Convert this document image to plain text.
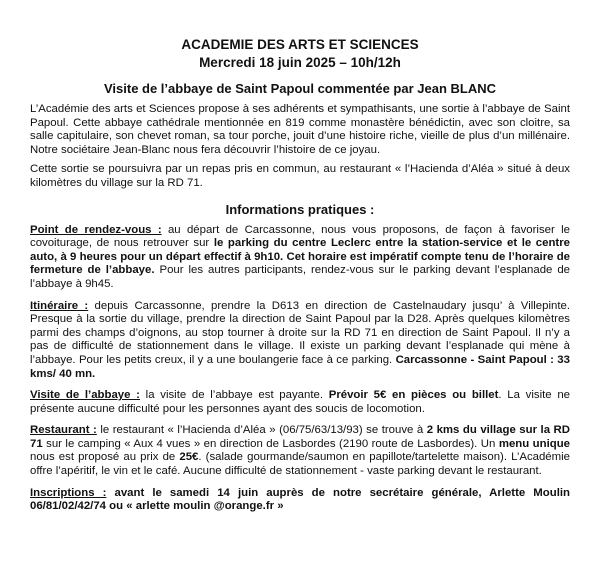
ACADEMIE DES ARTS ET SCIENCES
Mercredi 18 juin 2025 – 10h/12h
Visite de l’abbaye de Saint Papoul commentée par Jean BLANC

L’Académie des arts et Sciences propose à ses adhérents et sympathisants, une sortie à l’abbaye de Saint Papoul. Cette abbaye cathédrale mentionnée en 819 comme monastère bénédictin, avec son cloitre, sa salle capitulaire, son chevet roman, sa tour porche, jouit d’une histoire riche, vieille de plus d’un millénaire. Notre sociétaire Jean-Blanc nous fera découvrir l’histoire de ce joyau.

Cette sortie se poursuivra par un repas pris en commun, au restaurant « l’Hacienda d’Aléa » situé à deux kilomètres du village sur la RD 71.

Informations pratiques :

Point de rendez-vous : au départ de Carcassonne, nous vous proposons, de façon à favoriser le covoiturage, de nous retrouver sur le parking du centre Leclerc entre la station-service et le centre auto, à 9 heures pour un départ effectif à 9h10. Cet horaire est impératif compte tenu de l’horaire de fermeture de l’abbaye. Pour les autres participants, rendez-vous sur le parking devant l’esplanade de l’abbaye à 9h45.

Itinéraire : depuis Carcassonne, prendre la D613 en direction de Castelnaudary jusqu’ à Villepinte. Presque à la sortie du village, prendre la direction de Saint Papoul par la D28. Après quelques kilomètres parmi des champs d’oignons, au stop tourner à droite sur la RD 71 en direction de Saint Papoul. Il n’y a pas de difficulté de stationnement dans le village. Il existe un parking devant l’esplanade qui mène à l’abbaye. Pour les petits creux, il y a une boulangerie face à ce parking. Carcassonne - Saint Papoul : 33 kms/ 40 mn.

Visite de l’abbaye : la visite de l’abbaye est payante. Prévoir 5€ en pièces ou billet. La visite ne présente aucune difficulté pour les personnes ayant des soucis de locomotion.

Restaurant : le restaurant « l’Hacienda d’Aléa » (06/75/63/13/93) se trouve à 2 kms du village sur la RD 71 sur le camping « Aux 4 vues » en direction de Lasbordes (2190 route de Lasbordes). Un menu unique nous est proposé au prix de 25€. (salade gourmande/saumon en papillote/tartelette maison). L’Académie offre l’apéritif, le vin et le café. Aucune difficulté de stationnement - vaste parking devant le restaurant.

Inscriptions : avant le samedi 14 juin auprès de notre secrétaire générale, Arlette Moulin 06/81/02/42/74 ou « arlette moulin @orange.fr »
